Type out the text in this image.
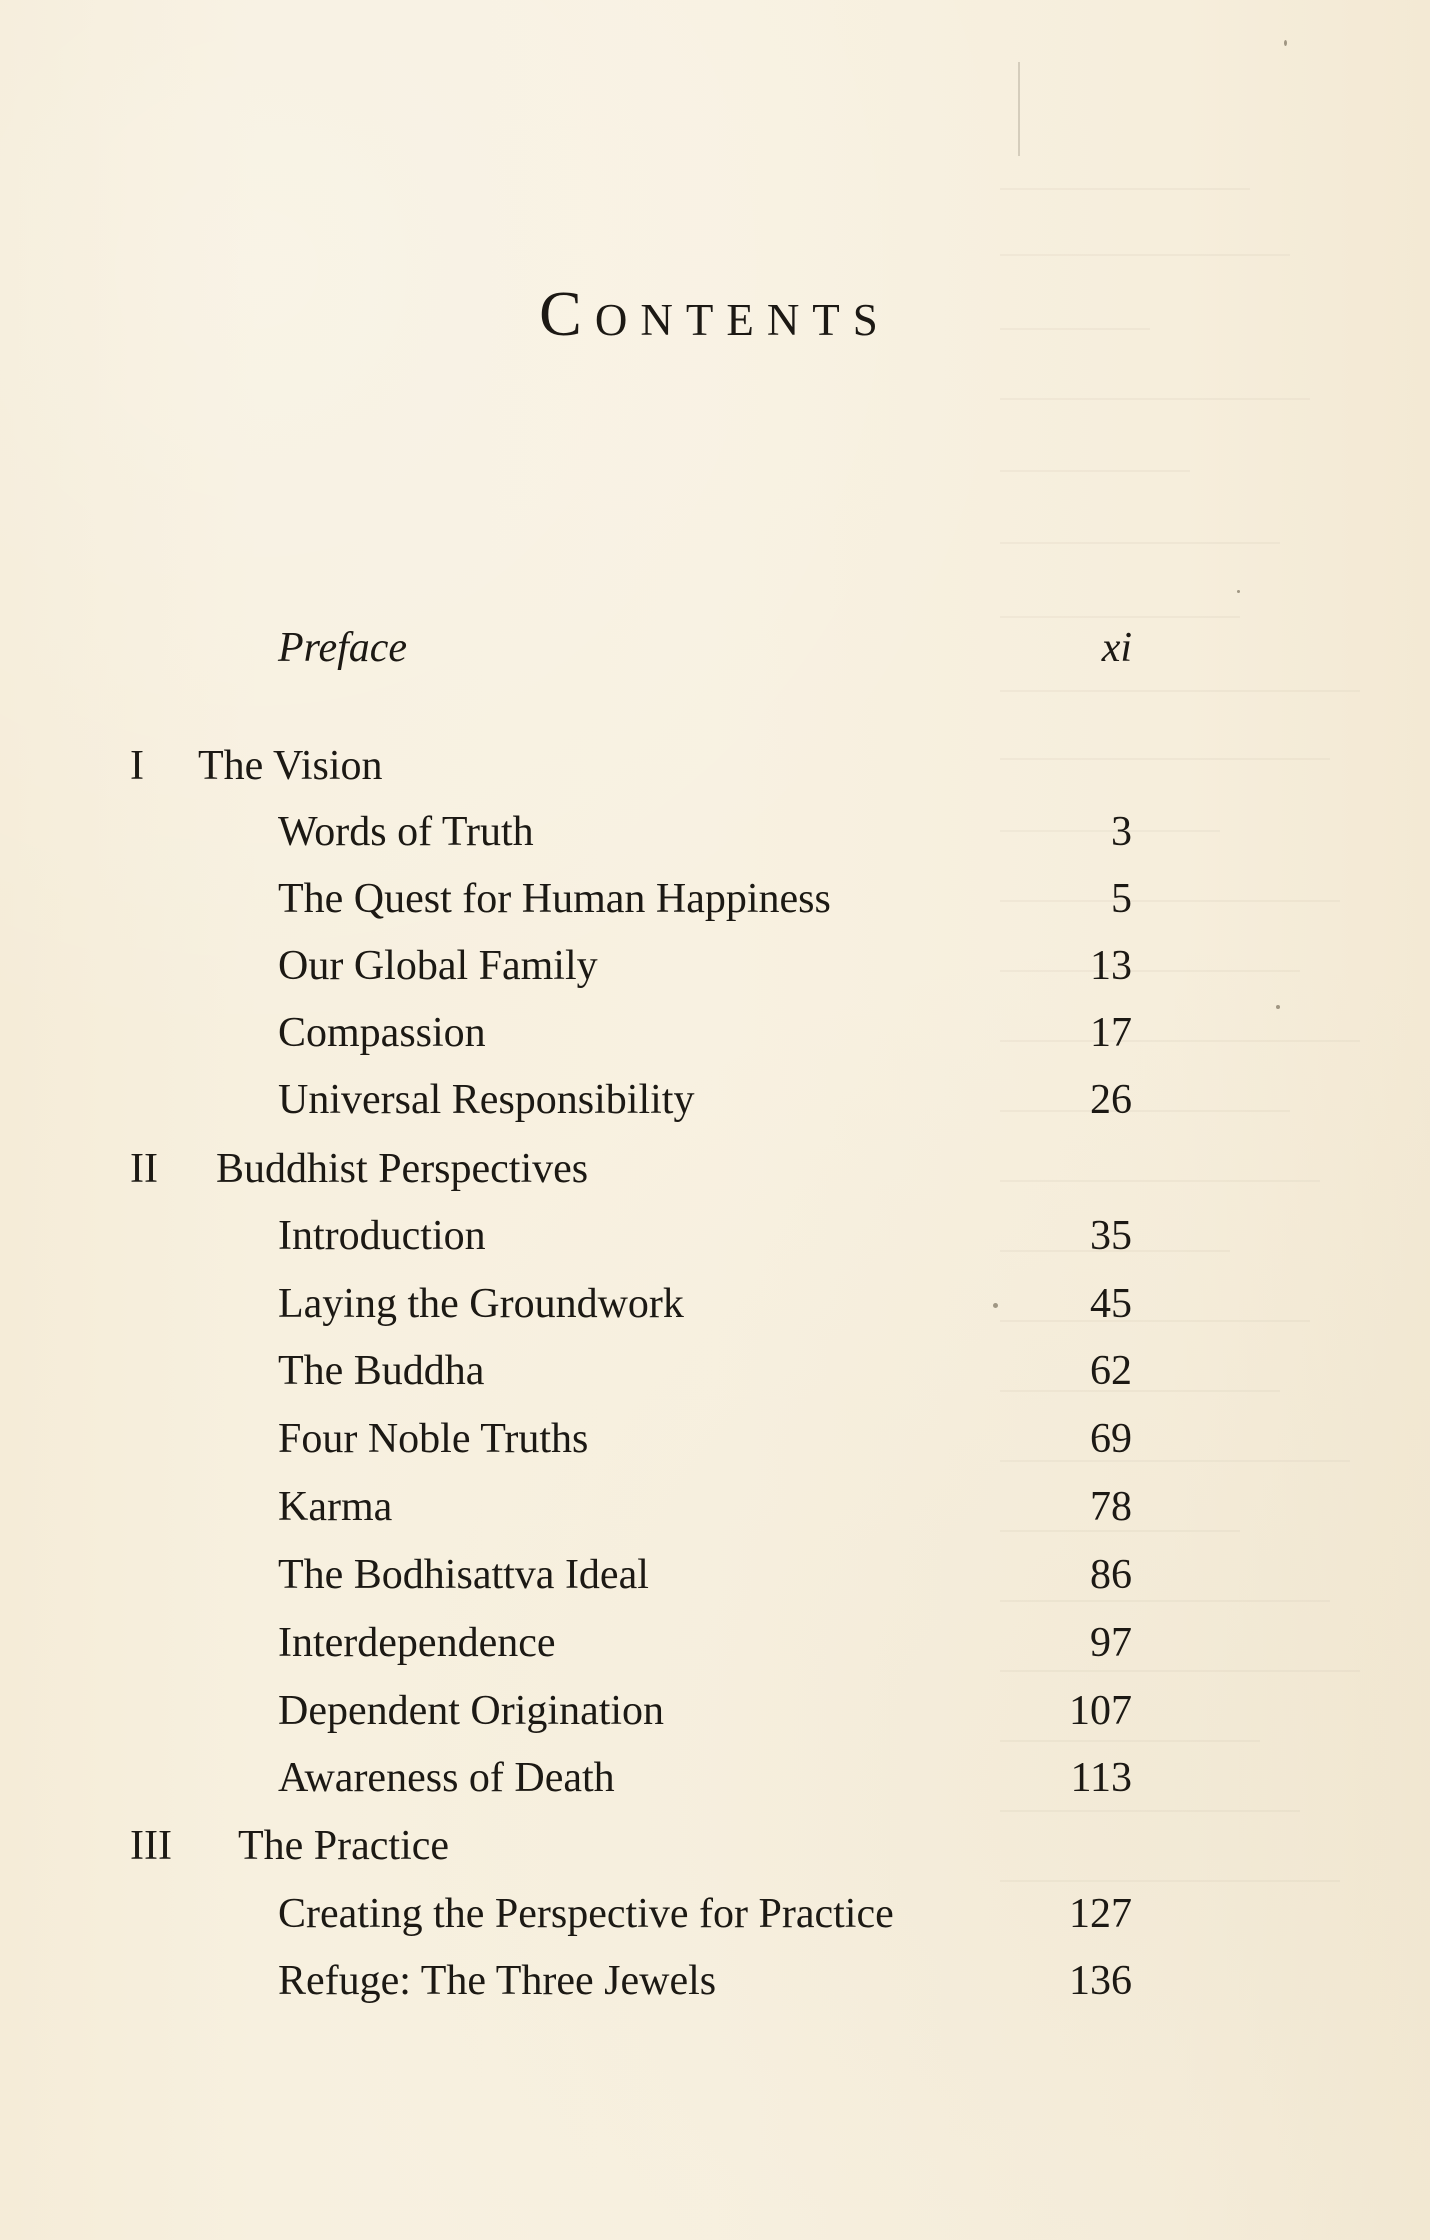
Contents
Preface	xi
I The Vision
Words of Truth	3
The Quest for Human Happiness	5
Our Global Family	13
Compassion	17
Universal Responsibility	26
II Buddhist Perspectives
Introduction	35
Laying the Groundwork	45
The Buddha	62
Four Noble Truths	69
Karma	78
The Bodhisattva Ideal	86
Interdependence	97
Dependent Origination	107
Awareness of Death	113
III The Practice
Creating the Perspective for Practice	127
Refuge: The Three Jewels	136
